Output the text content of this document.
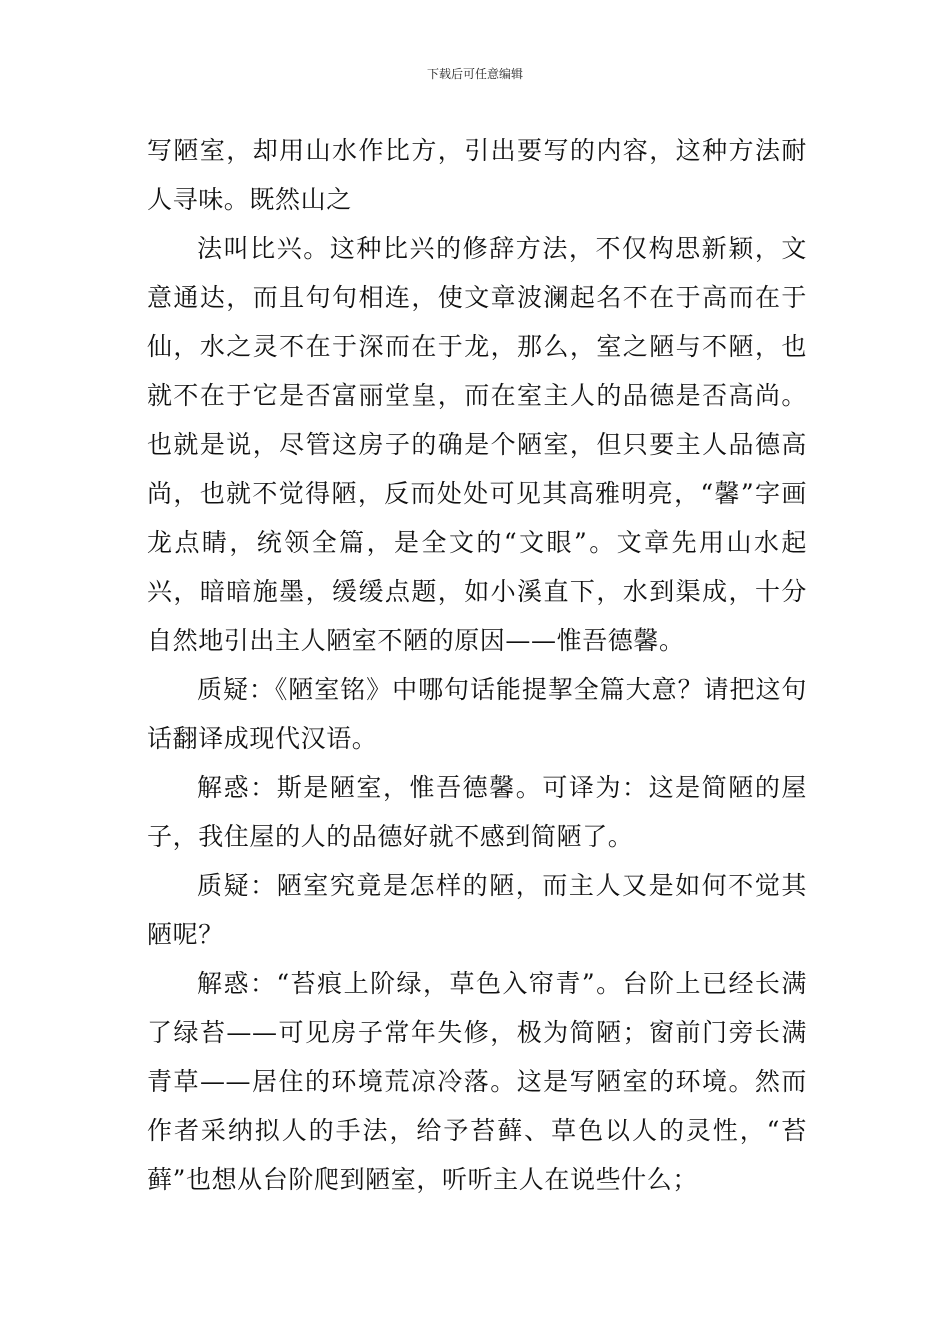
下载后可任意编辑

写陋室，却用山水作比方，引出要写的内容，这种方法耐人寻味。既然山之

法叫比兴。这种比兴的修辞方法，不仅构思新颖，文意通达，而且句句相连，使文章波澜起名不在于高而在于仙，水之灵不在于深而在于龙，那么，室之陋与不陋，也就不在于它是否富丽堂皇，而在室主人的品德是否高尚。也就是说，尽管这房子的确是个陋室，但只要主人品德高尚，也就不觉得陋，反而处处可见其高雅明亮，“馨”字画龙点睛，统领全篇，是全文的“文眼”。文章先用山水起兴，暗暗施墨，缓缓点题，如小溪直下，水到渠成，十分自然地引出主人陋室不陋的原因——惟吾德馨。

质疑：《陋室铭》中哪句话能提挈全篇大意？请把这句话翻译成现代汉语。

解惑：斯是陋室，惟吾德馨。可译为：这是简陋的屋子，我住屋的人的品德好就不感到简陋了。

质疑：陋室究竟是怎样的陋，而主人又是如何不觉其陋呢？

解惑：“苔痕上阶绿，草色入帘青”。台阶上已经长满了绿苔——可见房子常年失修，极为简陋；窗前门旁长满青草——居住的环境荒凉冷落。这是写陋室的环境。然而作者采纳拟人的手法，给予苔藓、草色以人的灵性，“苔藓”也想从台阶爬到陋室，听听主人在说些什么；
